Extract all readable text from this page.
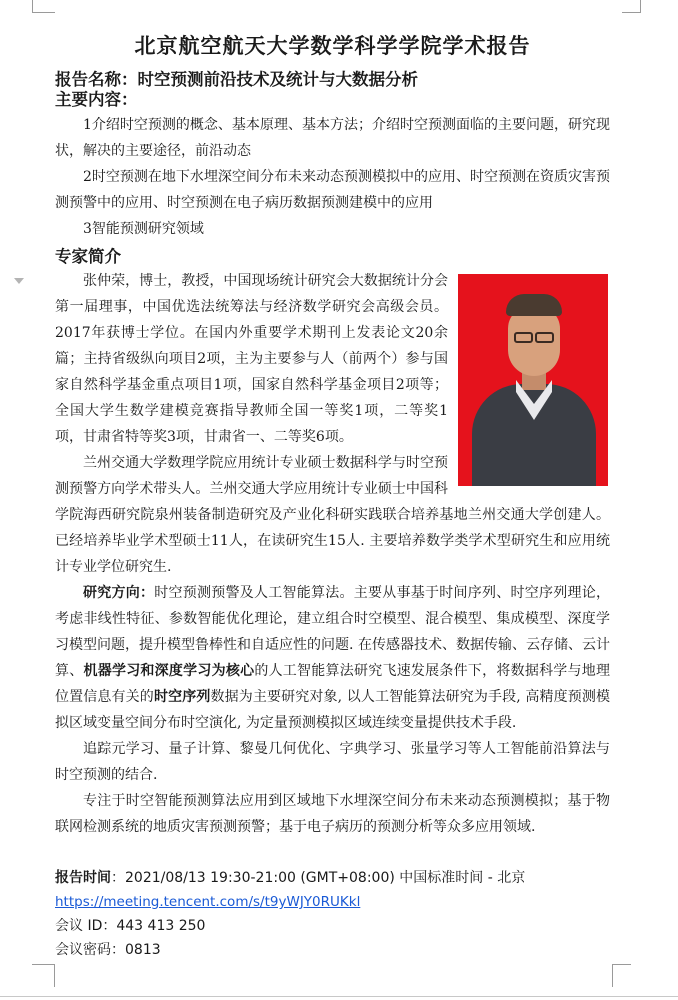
北京航空航天大学数学科学学院学术报告

报告名称：时空预测前沿技术及统计与大数据分析

主要内容：

1介绍时空预测的概念、基本原理、基本方法；介绍时空预测面临的主要问题，研究现状，解决的主要途径，前沿动态

2时空预测在地下水埋深空间分布未来动态预测模拟中的应用、时空预测在资质灾害预测预警中的应用、时空预测在电子病历数据预测建模中的应用

3智能预测研究领域

专家简介

张仲荣，博士，教授，中国现场统计研究会大数据统计分会第一届理事，中国优选法统筹法与经济数学研究会高级会员。2017年获博士学位。在国内外重要学术期刊上发表论文20余篇；主持省级纵向项目2项，主为主要参与人（前两个）参与国家自然科学基金重点项目1项，国家自然科学基金项目2项等；全国大学生数学建模竞赛指导教师全国一等奖1项，二等奖1项，甘肃省特等奖3项，甘肃省一、二等奖6项。

兰州交通大学数理学院应用统计专业硕士数据科学与时空预测预警方向学术带头人。兰州交通大学应用统计专业硕士中国科学院海西研究院泉州装备制造研究及产业化科研实践联合培养基地兰州交通大学创建人。已经培养毕业学术型硕士11人，在读研究生15人. 主要培养数学类学术型研究生和应用统计专业学位研究生.

研究方向：时空预测预警及人工智能算法。主要从事基于时间序列、时空序列理论，考虑非线性特征、参数智能优化理论，建立组合时空模型、混合模型、集成模型、深度学习模型问题，提升模型鲁棒性和自适应性的问题. 在传感器技术、数据传输、云存储、云计算、机器学习和深度学习为核心的人工智能算法研究飞速发展条件下，将数据科学与地理位置信息有关的时空序列数据为主要研究对象, 以人工智能算法研究为手段, 高精度预测模拟区域变量空间分布时空演化, 为定量预测模拟区域连续变量提供技术手段.

追踪元学习、量子计算、黎曼几何优化、字典学习、张量学习等人工智能前沿算法与时空预测的结合.

专注于时空智能预测算法应用到区域地下水埋深空间分布未来动态预测模拟；基于物联网检测系统的地质灾害预测预警；基于电子病历的预测分析等众多应用领域.

报告时间：2021/08/13 19:30-21:00 (GMT+08:00) 中国标准时间 - 北京

https://meeting.tencent.com/s/t9yWJY0RUKkl

会议 ID：443 413 250

会议密码：0813
